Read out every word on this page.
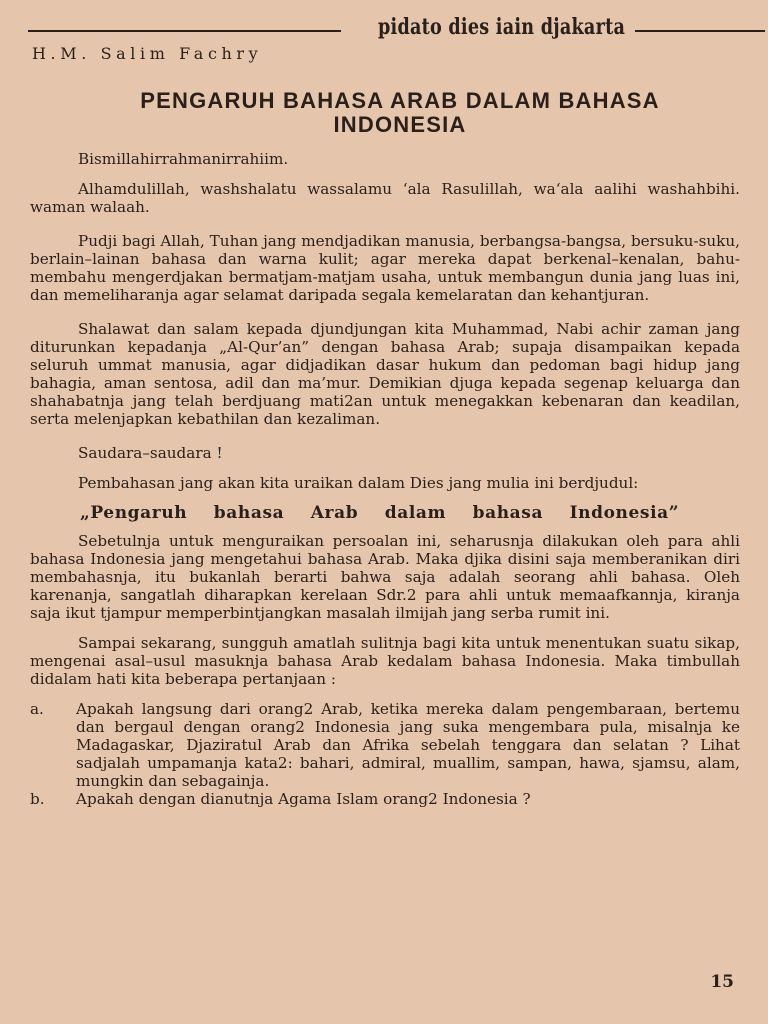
pidato dies iain djakarta
H.M. Salim Fachry
PENGARUH BAHASA ARAB DALAM BAHASA
INDONESIA

Bismillahirrahmanirrahiim.

Alhamdulillah, washshalatu wassalamu ‘ala Rasulillah, wa‘ala aalihi washahbihi. waman walaah.

Pudji bagi Allah, Tuhan jang mendjadikan manusia, berbangsa-bangsa, bersuku-suku, berlain–lainan bahasa dan warna kulit; agar mereka dapat berkenal–kenalan, bahu-membahu mengerdjakan bermatjam-matjam usaha, untuk membangun dunia jang luas ini, dan memeliharanja agar selamat daripada segala kemelaratan dan kehantjuran.

Shalawat dan salam kepada djundjungan kita Muhammad, Nabi achir zaman jang diturunkan kepadanja „Al-Qur’an” dengan bahasa Arab; supaja disampaikan kepada seluruh ummat manusia, agar didjadikan dasar hukum dan pedoman bagi hidup jang bahagia, aman sentosa, adil dan ma’mur. Demikian djuga kepada segenap keluarga dan shahabatnja jang telah berdjuang mati2an untuk menegakkan kebenaran dan keadilan, serta melenjapkan kebathilan dan kezaliman.

Saudara–saudara !

Pembahasan jang akan kita uraikan dalam Dies jang mulia ini berdjudul:

„Pengaruh bahasa Arab dalam bahasa Indonesia”

Sebetulnja untuk menguraikan persoalan ini, seharusnja dilakukan oleh para ahli bahasa Indonesia jang mengetahui bahasa Arab. Maka djika disini saja memberanikan diri membahasnja, itu bukanlah berarti bahwa saja adalah seorang ahli bahasa. Oleh karenanja, sangatlah diharapkan kerelaan Sdr.2 para ahli untuk memaafkannja, kiranja saja ikut tjampur memperbintjangkan masalah ilmijah jang serba rumit ini.

Sampai sekarang, sungguh amatlah sulitnja bagi kita untuk menentukan suatu sikap, mengenai asal–usul masuknja bahasa Arab kedalam bahasa Indonesia. Maka timbullah didalam hati kita beberapa pertanjaan :

a.	Apakah langsung dari orang2 Arab, ketika mereka dalam pengembaraan, bertemu dan bergaul dengan orang2 Indonesia jang suka mengembara pula, misalnja ke Madagaskar, Djaziratul Arab dan Afrika sebelah tenggara dan selatan ? Lihat sadjalah umpamanja kata2: bahari, admiral, muallim, sampan, hawa, sjamsu, alam, mungkin dan sebagainja.
b.	Apakah dengan dianutnja Agama Islam orang2 Indonesia ?
15
